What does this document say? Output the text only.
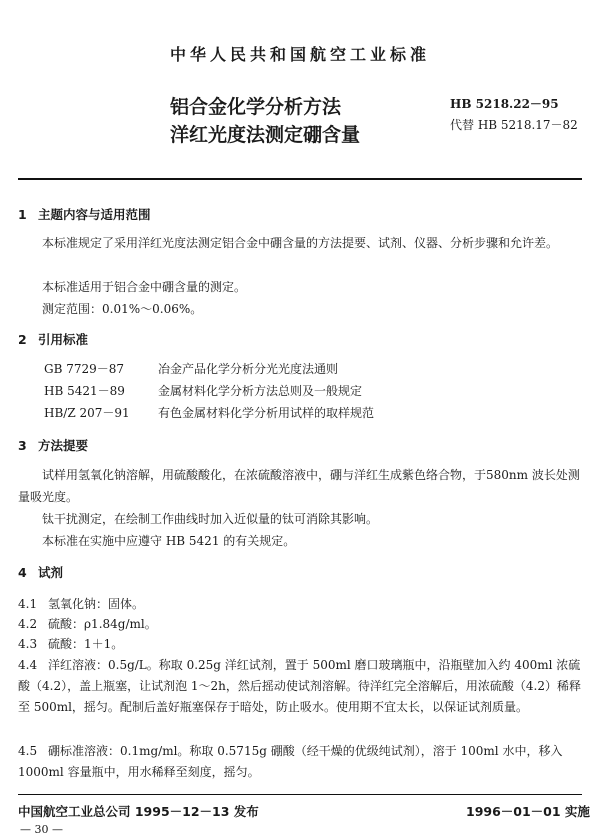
中华人民共和国航空工业标准
铝合金化学分析方法
洋红光度法测定硼含量
HB 5218.22－95
代替 HB 5218.17－82
1 主题内容与适用范围
本标准规定了采用洋红光度法测定铝合金中硼含量的方法提要、试剂、仪器、分析步骤和允许差。
本标准适用于铝合金中硼含量的测定。
测定范围：0.01%～0.06%。
2 引用标准
GB 7729－87	冶金产品化学分析分光光度法通则
HB 5421－89	金属材料化学分析方法总则及一般规定
HB/Z 207－91 有色金属材料化学分析用试样的取样规范
3 方法提要
试样用氢氧化钠溶解，用硫酸酸化，在浓硫酸溶液中，硼与洋红生成紫色络合物，于580nm 波长处测量吸光度。
钛干扰测定，在绘制工作曲线时加入近似量的钛可消除其影响。
本标准在实施中应遵守 HB 5421 的有关规定。
4 试剂
4.1 氢氧化钠：固体。
4.2 硫酸：ρ1.84g/ml。
4.3 硫酸：1＋1。
4.4 洋红溶液：0.5g/L。称取 0.25g 洋红试剂，置于 500ml 磨口玻璃瓶中，沿瓶壁加入约 400ml 浓硫酸（4.2），盖上瓶塞，让试剂泡 1～2h，然后摇动使试剂溶解。待洋红完全溶解后，用浓硫酸（4.2）稀释至 500ml，摇匀。配制后盖好瓶塞保存于暗处，防止吸水。使用期不宜太长，以保证试剂质量。
4.5 硼标准溶液：0.1mg/ml。称取 0.5715g 硼酸（经干燥的优级纯试剂），溶于 100ml 水中，移入 1000ml 容量瓶中，用水稀释至刻度，摇匀。
中国航空工业总公司 1995－12－13 发布	1996－01－01 实施
— 30 —
